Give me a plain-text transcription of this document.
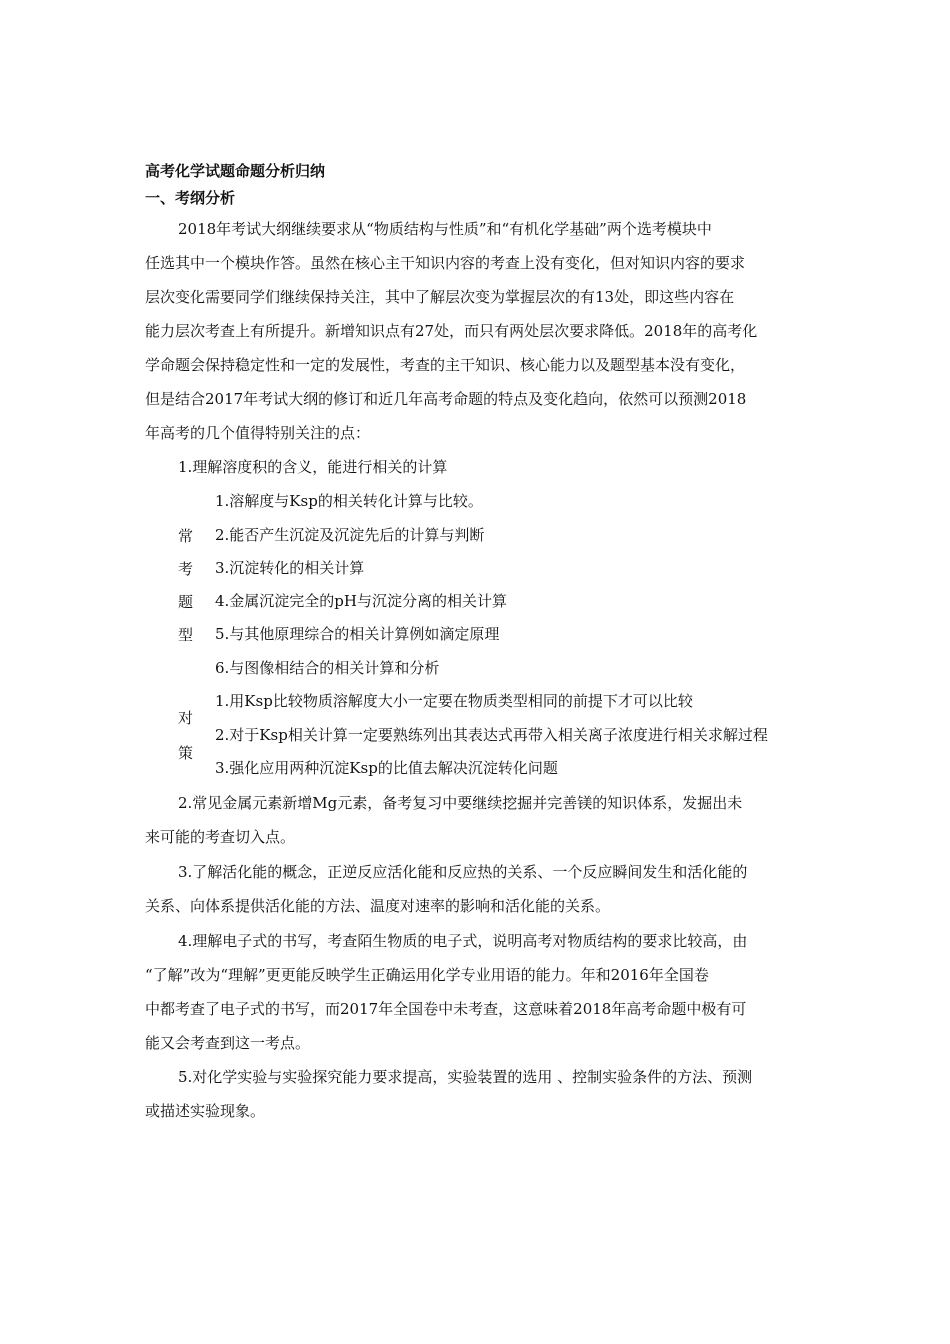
高考化学试题命题分析归纳
一、考纲分析
2018年考试大纲继续要求从“物质结构与性质”和“有机化学基础”两个选考模块中
任选其中一个模块作答。虽然在核心主干知识内容的考查上没有变化，但对知识内容的要求
层次变化需要同学们继续保持关注，其中了解层次变为掌握层次的有13处，即这些内容在
能力层次考查上有所提升。新增知识点有27处，而只有两处层次要求降低。2018年的高考化
学命题会保持稳定性和一定的发展性，考查的主干知识、核心能力以及题型基本没有变化，
但是结合2017年考试大纲的修订和近几年高考命题的特点及变化趋向，依然可以预测2018
年高考的几个值得特别关注的点：
1.理解溶度积的含义，能进行相关的计算
常
考
题
型
1.溶解度与Ksp的相关转化计算与比较。
2.能否产生沉淀及沉淀先后的计算与判断
3.沉淀转化的相关计算
4.金属沉淀完全的pH与沉淀分离的相关计算
5.与其他原理综合的相关计算例如滴定原理
6.与图像相结合的相关计算和分析
对
策
1.用Ksp比较物质溶解度大小一定要在物质类型相同的前提下才可以比较
2.对于Ksp相关计算一定要熟练列出其表达式再带入相关离子浓度进行相关求解过程
3.强化应用两种沉淀Ksp的比值去解决沉淀转化问题
2.常见金属元素新增Mg元素，备考复习中要继续挖掘并完善镁的知识体系，发掘出未
来可能的考查切入点。
3.了解活化能的概念，正逆反应活化能和反应热的关系、一个反应瞬间发生和活化能的
关系、向体系提供活化能的方法、温度对速率的影响和活化能的关系。
4.理解电子式的书写，考查陌生物质的电子式，说明高考对物质结构的要求比较高，由
“了解”改为“理解”更更能反映学生正确运用化学专业用语的能力。年和2016年全国卷
中都考查了电子式的书写，而2017年全国卷中未考查，这意味着2018年高考命题中极有可
能又会考查到这一考点。
5.对化学实验与实验探究能力要求提高，实验装置的选用 、控制实验条件的方法、预测
或描述实验现象。
